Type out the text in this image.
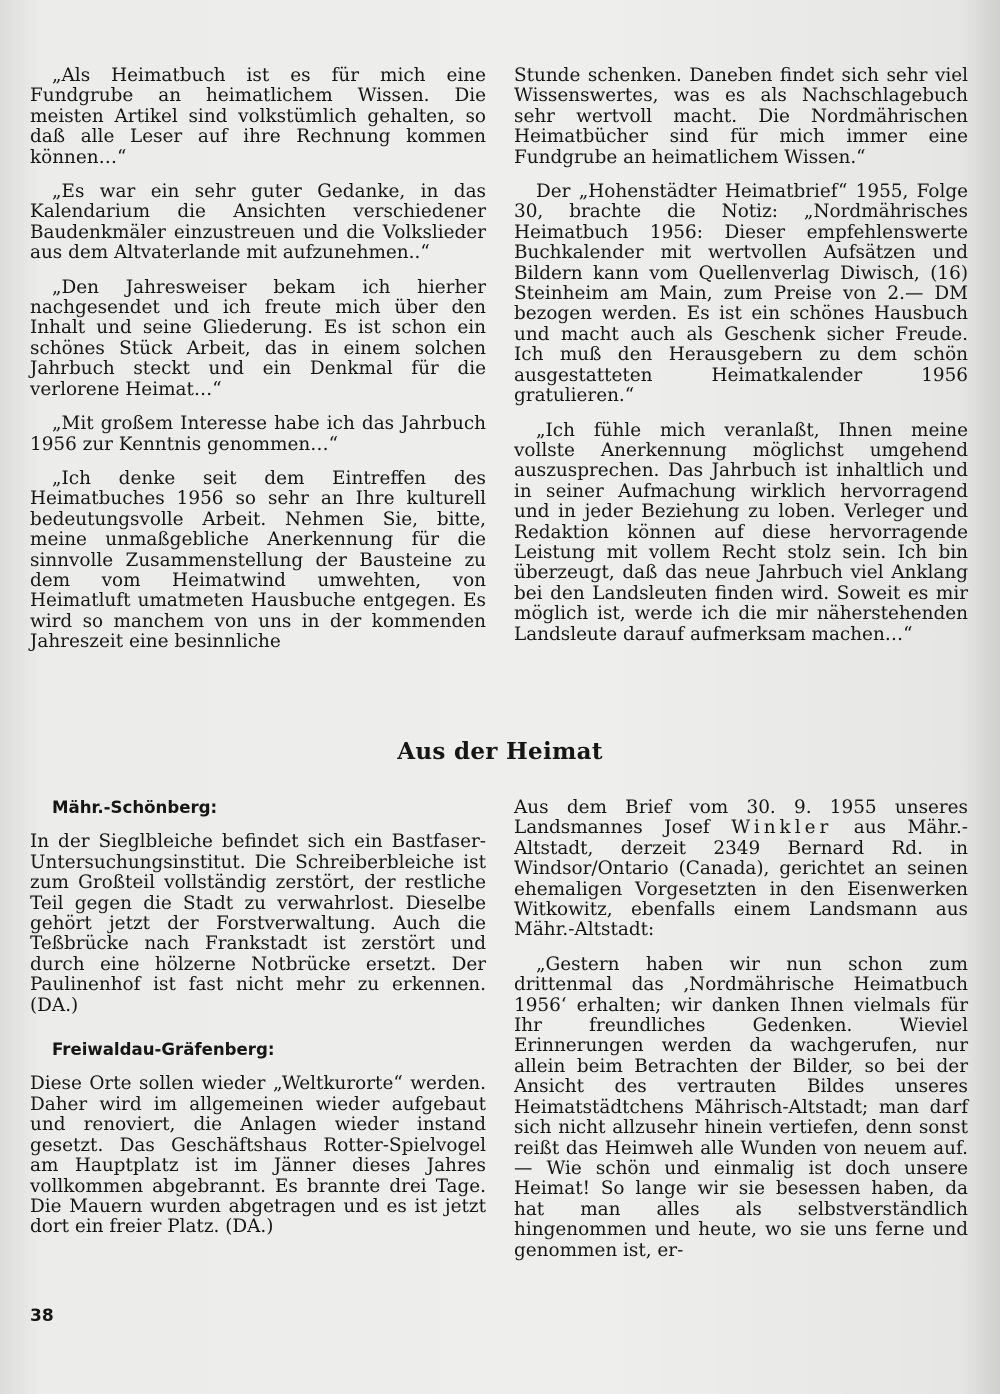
„Als Heimatbuch ist es für mich eine Fundgrube an heimatlichem Wissen. Die meisten Artikel sind volkstümlich gehalten, so daß alle Leser auf ihre Rechnung kommen können…“

„Es war ein sehr guter Gedanke, in das Kalendarium die Ansichten verschiedener Baudenkmäler einzustreuen und die Volkslieder aus dem Altvaterlande mit aufzunehmen..“

„Den Jahresweiser bekam ich hierher nachgesendet und ich freute mich über den Inhalt und seine Gliederung. Es ist schon ein schönes Stück Arbeit, das in einem solchen Jahrbuch steckt und ein Denkmal für die verlorene Heimat…“

„Mit großem Interesse habe ich das Jahrbuch 1956 zur Kenntnis genommen…“

„Ich denke seit dem Eintreffen des Heimatbuches 1956 so sehr an Ihre kulturell bedeutungsvolle Arbeit. Nehmen Sie, bitte, meine unmaßgebliche Anerkennung für die sinnvolle Zusammenstellung der Bausteine zu dem vom Heimatwind umwehten, von Heimatluft umatmeten Hausbuche entgegen. Es wird so manchem von uns in der kommenden Jahreszeit eine besinnliche

Stunde schenken. Daneben findet sich sehr viel Wissenswertes, was es als Nachschlagebuch sehr wertvoll macht. Die Nordmährischen Heimatbücher sind für mich immer eine Fundgrube an heimatlichem Wissen.“

Der „Hohenstädter Heimatbrief“ 1955, Folge 30, brachte die Notiz: „Nordmährisches Heimatbuch 1956: Dieser empfehlenswerte Buchkalender mit wertvollen Aufsätzen und Bildern kann vom Quellenverlag Diwisch, (16) Steinheim am Main, zum Preise von 2.— DM bezogen werden. Es ist ein schönes Hausbuch und macht auch als Geschenk sicher Freude. Ich muß den Herausgebern zu dem schön ausgestatteten Heimatkalender 1956 gratulieren.“

„Ich fühle mich veranlaßt, Ihnen meine vollste Anerkennung möglichst umgehend auszusprechen. Das Jahrbuch ist inhaltlich und in seiner Aufmachung wirklich hervorragend und in jeder Beziehung zu loben. Verleger und Redaktion können auf diese hervorragende Leistung mit vollem Recht stolz sein. Ich bin überzeugt, daß das neue Jahrbuch viel Anklang bei den Landsleuten finden wird. Soweit es mir möglich ist, werde ich die mir näherstehenden Landsleute darauf aufmerksam machen…“

Aus der Heimat

Mähr.-Schönberg:

In der Sieglbleiche befindet sich ein Bastfaser-Untersuchungsinstitut. Die Schreiberbleiche ist zum Großteil vollständig zerstört, der restliche Teil gegen die Stadt zu verwahrlost. Dieselbe gehört jetzt der Forstverwaltung. Auch die Teßbrücke nach Frankstadt ist zerstört und durch eine hölzerne Notbrücke ersetzt. Der Paulinenhof ist fast nicht mehr zu erkennen. (DA.)

Freiwaldau-Gräfenberg:

Diese Orte sollen wieder „Weltkurorte“ werden. Daher wird im allgemeinen wieder aufgebaut und renoviert, die Anlagen wieder instand gesetzt. Das Geschäftshaus Rotter-Spielvogel am Hauptplatz ist im Jänner dieses Jahres vollkommen abgebrannt. Es brannte drei Tage. Die Mauern wurden abgetragen und es ist jetzt dort ein freier Platz. (DA.)

Aus dem Brief vom 30. 9. 1955 unseres Landsmannes Josef Winkler aus Mähr.-Altstadt, derzeit 2349 Bernard Rd. in Windsor/Ontario (Canada), gerichtet an seinen ehemaligen Vorgesetzten in den Eisenwerken Witkowitz, ebenfalls einem Landsmann aus Mähr.-Altstadt:

„Gestern haben wir nun schon zum drittenmal das ‚Nordmährische Heimatbuch 1956‘ erhalten; wir danken Ihnen vielmals für Ihr freundliches Gedenken. Wieviel Erinnerungen werden da wachgerufen, nur allein beim Betrachten der Bilder, so bei der Ansicht des vertrauten Bildes unseres Heimatstädtchens Mährisch-Altstadt; man darf sich nicht allzusehr hinein vertiefen, denn sonst reißt das Heimweh alle Wunden von neuem auf. — Wie schön und einmalig ist doch unsere Heimat! So lange wir sie besessen haben, da hat man alles als selbstverständlich hingenommen und heute, wo sie uns ferne und genommen ist, er-

38
